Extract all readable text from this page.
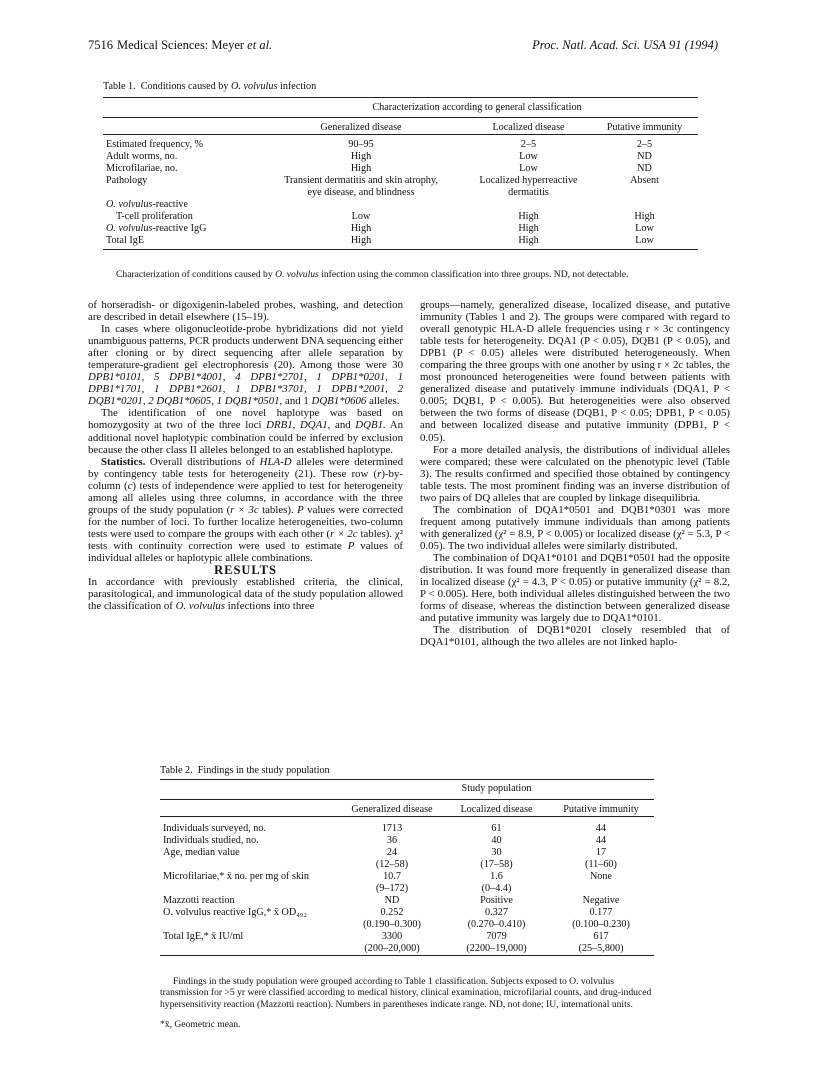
7516 Medical Sciences: Meyer et al.	Proc. Natl. Acad. Sci. USA 91 (1994)
Table 1. Conditions caused by O. volvulus infection
	Characterization according to general classification		

	Generalized disease	Localized disease	Putative immunity

Estimated frequency, %	90–95	2–5	2–5
Adult worms, no.	High	Low	ND
Microfilariae, no.	High	Low	ND
Pathology	Transient dermatitis and skin atrophy,	Localized hyperreactive	Absent
	eye disease, and blindness	dermatitis	
O. volvulus-reactive			
T-cell proliferation	Low	High	High
O. volvulus-reactive IgG	High	High	Low
Total IgE	High	High	Low
Characterization of conditions caused by O. volvulus infection using the common classification into three groups. ND, not detectable.

of horseradish- or digoxigenin-labeled probes, washing, and detection are described in detail elsewhere (15–19).

In cases where oligonucleotide-probe hybridizations did not yield unambiguous patterns, PCR products underwent DNA sequencing either after cloning or by direct sequencing after allele separation by temperature-gradient gel electrophoresis (20). Among those were 30 DPB1*0101, 5 DPB1*4001, 4 DPB1*2701, 1 DPB1*0201, 1 DPB1*1701, 1 DPB1*2601, 1 DPB1*3701, 1 DPB1*2001, 2 DQB1*0201, 2 DQB1*0605, 1 DQB1*0501, and 1 DQB1*0606 alleles.

The identification of one novel haplotype was based on homozygosity at two of the three loci DRB1, DQA1, and DQB1. An additional novel haplotypic combination could be inferred by exclusion because the other class II alleles belonged to an established haplotype.

Statistics. Overall distributions of HLA-D alleles were determined by contingency table tests for heterogeneity (21). These row (r)-by-column (c) tests of independence were applied to test for heterogeneity among all alleles using three columns, in accordance with the three groups of the study population (r × 3c tables). P values were corrected for the number of loci. To further localize heterogeneities, two-column tests were used to compare the groups with each other (r × 2c tables). χ² tests with continuity correction were used to estimate P values of individual alleles or haplotypic allele combinations.

RESULTS

In accordance with previously established criteria, the clinical, parasitological, and immunological data of the study population allowed the classification of O. volvulus infections into three

groups—namely, generalized disease, localized disease, and putative immunity (Tables 1 and 2). The groups were compared with regard to overall genotypic HLA-D allele frequencies using r × 3c contingency table tests for heterogeneity. DQA1 (P < 0.05), DQB1 (P < 0.05), and DPB1 (P < 0.05) alleles were distributed heterogeneously. When comparing the three groups with one another by using r × 2c tables, the most pronounced heterogeneities were found between patients with generalized disease and putatively immune individuals (DQA1, P < 0.005; DQB1, P < 0.005). But heterogeneities were also observed between the two forms of disease (DQB1, P < 0.05; DPB1, P < 0.05) and between localized disease and putative immunity (DPB1, P < 0.05).

For a more detailed analysis, the distributions of individual alleles were compared; these were calculated on the phenotypic level (Table 3). The results confirmed and specified those obtained by contingency table tests. The most prominent finding was an inverse distribution of two pairs of DQ alleles that are coupled by linkage disequilibria.

The combination of DQA1*0501 and DQB1*0301 was more frequent among putatively immune individuals than among patients with generalized (χ² = 8.9, P < 0.005) or localized disease (χ² = 5.3, P < 0.05). The two individual alleles were similarly distributed.

The combination of DQA1*0101 and DQB1*0501 had the opposite distribution. It was found more frequently in generalized disease than in localized disease (χ² = 4.3, P < 0.05) or putative immunity (χ² = 8.2, P < 0.005). Here, both individual alleles distinguished between the two forms of disease, whereas the distinction between generalized disease and putative immunity was largely due to DQA1*0101.

The distribution of DQB1*0201 closely resembled that of DQA1*0101, although the two alleles are not linked haplo-

Table 2. Findings in the study population
	Study population		

	Generalized disease	Localized disease	Putative immunity

Individuals surveyed, no.	1713	61	44
Individuals studied, no.	36	40	44
Age, median value	24	30	17
	(12–58)	(17–58)	(11–60)
Microfilariae,* x̄ no. per mg of skin	10.7	1.6	None
	(9–172)	(0–4.4)	
Mazzotti reaction	ND	Positive	Negative
O. volvulus reactive IgG,* x̄ OD₄₉₂	0.252	0.327	0.177
	(0.190–0.300)	(0.270–0.410)	(0.100–0.230)
Total IgE,* x̄ IU/ml	3300	7079	617
	(200–20,000)	(2200–19,000)	(25–5,800)
Findings in the study population were grouped according to Table 1 classification. Subjects exposed to O. volvulus transmission for >5 yr were classified according to medical history, clinical examination, microfilarial counts, and drug-induced hypersensitivity reaction (Mazzotti reaction). Numbers in parentheses indicate range. ND, not done; IU, international units.
*x̄, Geometric mean.
